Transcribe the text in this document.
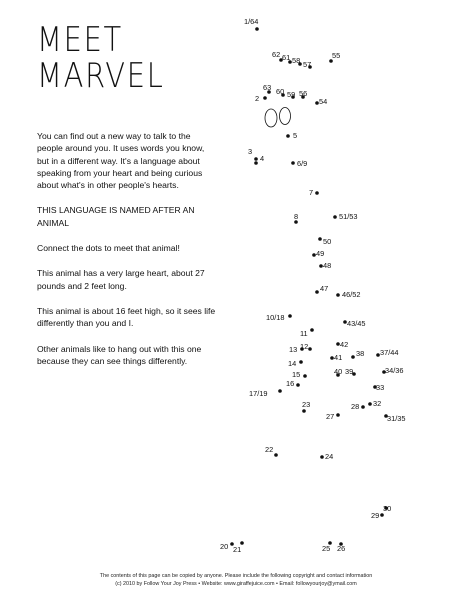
MEET
MARVEL

You can find out a new way to talk to the people around you. It uses words you know, but in a different way. It's a language about speaking from your heart and being curious about what's in other people's hearts.

THIS LANGUAGE IS NAMED AFTER AN ANIMAL

Connect the dots to meet that animal!

This animal has a very large heart, about 27 pounds and 2 feet long.

This animal is about 16 feet high, so it sees life differently than you and I.

Other animals like to hang out with this one because they can see things differently.

1/64
62 61 58 57
55
63 60 59 56
2	54
5
3
4
6/9
7
8	51/53
50
49
48
47
46/52
10/18
43/45
11
13 12	42
14
41 38 37/44
15	40 39	34/36
16	33
17/19
23	28 32
27	31/35
22
24
29
30
20 21	25 26
The contents of this page can be copied by anyone. Please include the following copyright and contact information
(c) 2010 by Follow Your Joy Press • Website: www.giraffejuice.com • Email: followyourjoy@ymail.com
